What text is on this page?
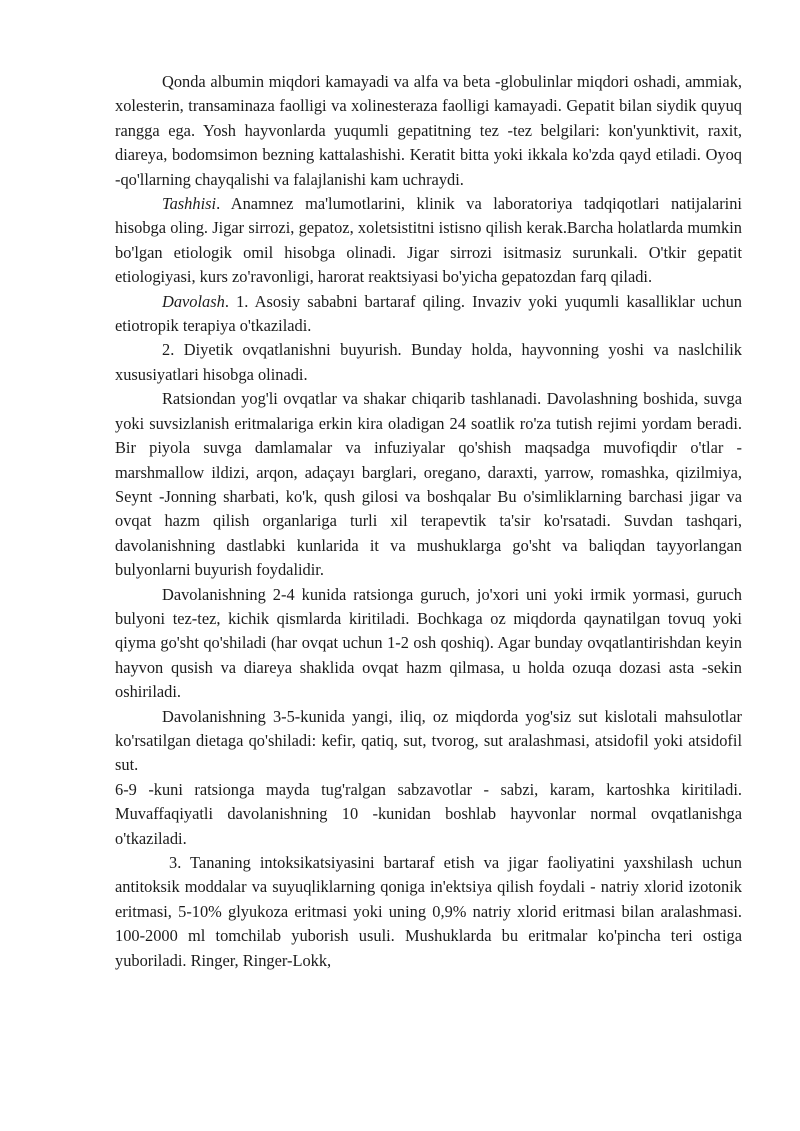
Qonda albumin miqdori kamayadi va alfa va beta -globulinlar miqdori oshadi, ammiak, xolesterin, transaminaza faolligi va xolinesteraza faolligi kamayadi. Gepatit bilan siydik quyuq rangga ega. Yosh hayvonlarda yuqumli gepatitning tez -tez belgilari: kon'yunktivit, raxit, diareya, bodomsimon bezning kattalashishi. Keratit bitta yoki ikkala ko'zda qayd etiladi. Oyoq -qo'llarning chayqalishi va falajlanishi kam uchraydi.

Tashhisi. Anamnez ma'lumotlarini, klinik va laboratoriya tadqiqotlari natijalarini hisobga oling. Jigar sirrozi, gepatoz, xoletsistitni istisno qilish kerak.Barcha holatlarda mumkin bo'lgan etiologik omil hisobga olinadi. Jigar sirrozi isitmasiz surunkali. O'tkir gepatit etiologiyasi, kurs zo'ravonligi, harorat reaktsiyasi bo'yicha gepatozdan farq qiladi.

Davolash. 1. Asosiy sababni bartaraf qiling. Invaziv yoki yuqumli kasalliklar uchun etiotropik terapiya o'tkaziladi.

2. Diyetik ovqatlanishni buyurish. Bunday holda, hayvonning yoshi va naslchilik xususiyatlari hisobga olinadi.

Ratsiondan yog'li ovqatlar va shakar chiqarib tashlanadi. Davolashning boshida, suvga yoki suvsizlanish eritmalariga erkin kira oladigan 24 soatlik ro'za tutish rejimi yordam beradi. Bir piyola suvga damlamalar va infuziyalar qo'shish maqsadga muvofiqdir o'tlar - marshmallow ildizi, arqon, adaçayı barglari, oregano, daraxti, yarrow, romashka, qizilmiya, Seynt -Jonning sharbati, ko'k, qush gilosi va boshqalar Bu o'simliklarning barchasi jigar va ovqat hazm qilish organlariga turli xil terapevtik ta'sir ko'rsatadi. Suvdan tashqari, davolanishning dastlabki kunlarida it va mushuklarga go'sht va baliqdan tayyorlangan bulyonlarni buyurish foydalidir.

Davolanishning 2-4 kunida ratsionga guruch, jo'xori uni yoki irmik yormasi, guruch bulyoni tez-tez, kichik qismlarda kiritiladi. Bochkaga oz miqdorda qaynatilgan tovuq yoki qiyma go'sht qo'shiladi (har ovqat uchun 1-2 osh qoshiq). Agar bunday ovqatlantirishdan keyin hayvon qusish va diareya shaklida ovqat hazm qilmasa, u holda ozuqa dozasi asta -sekin oshiriladi.

Davolanishning 3-5-kunida yangi, iliq, oz miqdorda yog'siz sut kislotali mahsulotlar ko'rsatilgan dietaga qo'shiladi: kefir, qatiq, sut, tvorog, sut aralashmasi, atsidofil yoki atsidofil sut.

6-9 -kuni ratsionga mayda tug'ralgan sabzavotlar - sabzi, karam, kartoshka kiritiladi. Muvaffaqiyatli davolanishning 10 -kunidan boshlab hayvonlar normal ovqatlanishga o'tkaziladi.

3. Tananing intoksikatsiyasini bartaraf etish va jigar faoliyatini yaxshilash uchun antitoksik moddalar va suyuqliklarning qoniga in'ektsiya qilish foydali - natriy xlorid izotonik eritmasi, 5-10% glyukoza eritmasi yoki uning 0,9% natriy xlorid eritmasi bilan aralashmasi. 100-2000 ml tomchilab yuborish usuli. Mushuklarda bu eritmalar ko'pincha teri ostiga yuboriladi. Ringer, Ringer-Lokk,
